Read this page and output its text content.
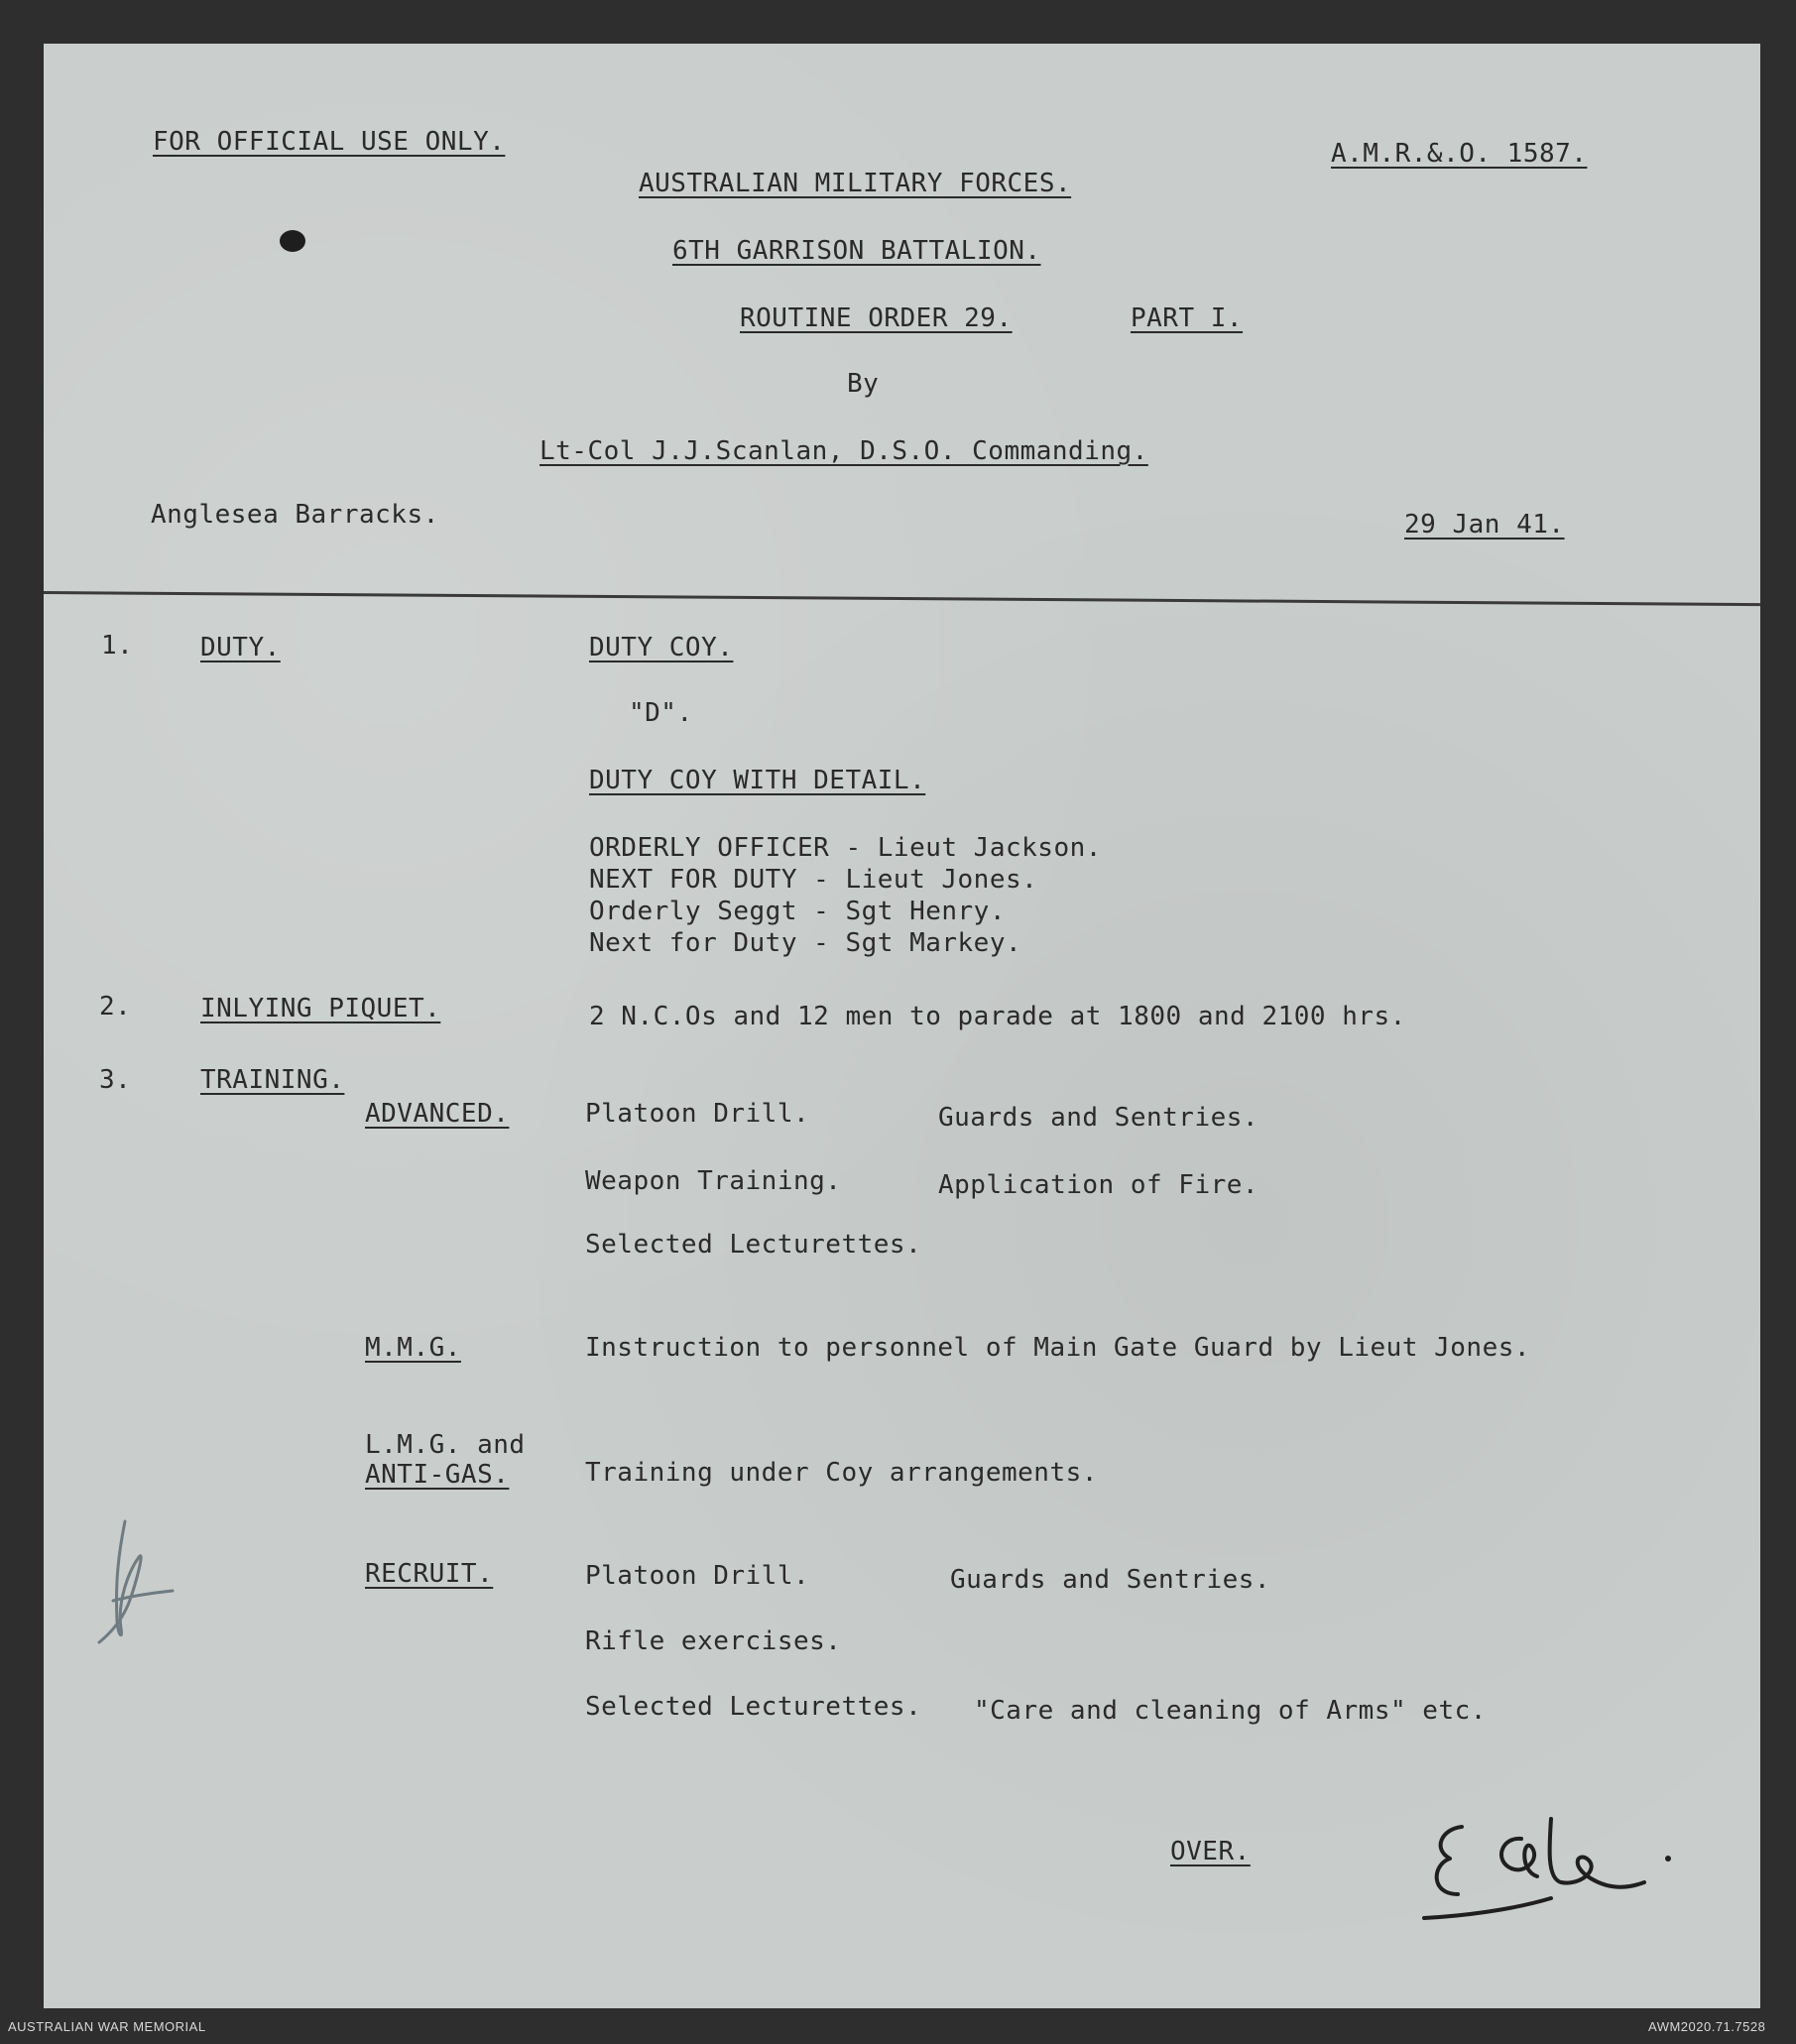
FOR OFFICIAL USE ONLY.	A.M.R.&.O. 1587.
AUSTRALIAN MILITARY FORCES.
6TH GARRISON BATTALION.
ROUTINE ORDER 29.	PART I.
By
Lt-Col J.J.Scanlan, D.S.O. Commanding.
Anglesea Barracks.	29 Jan 41.
1.	DUTY.	DUTY COY.
"D".
DUTY COY WITH DETAIL.
ORDERLY OFFICER - Lieut Jackson.
NEXT FOR DUTY - Lieut Jones.
Orderly Seggt - Sgt Henry.
Next for Duty - Sgt Markey.
2.	INLYING PIQUET.	2 N.C.Os and 12 men to parade at 1800 and 2100 hrs.
3.	TRAINING.
ADVANCED.	Platoon Drill.	Guards and Sentries.
Weapon Training.	Application of Fire.
Selected Lecturettes.
M.M.G.	Instruction to personnel of Main Gate Guard by Lieut Jones.
L.M.G. and
ANTI-GAS.	Training under Coy arrangements.
RECRUIT.	Platoon Drill.	Guards and Sentries.
Rifle exercises.
Selected Lecturettes. "Care and cleaning of Arms" etc.
OVER.
AUSTRALIAN WAR MEMORIAL	AWM2020.71.7528
